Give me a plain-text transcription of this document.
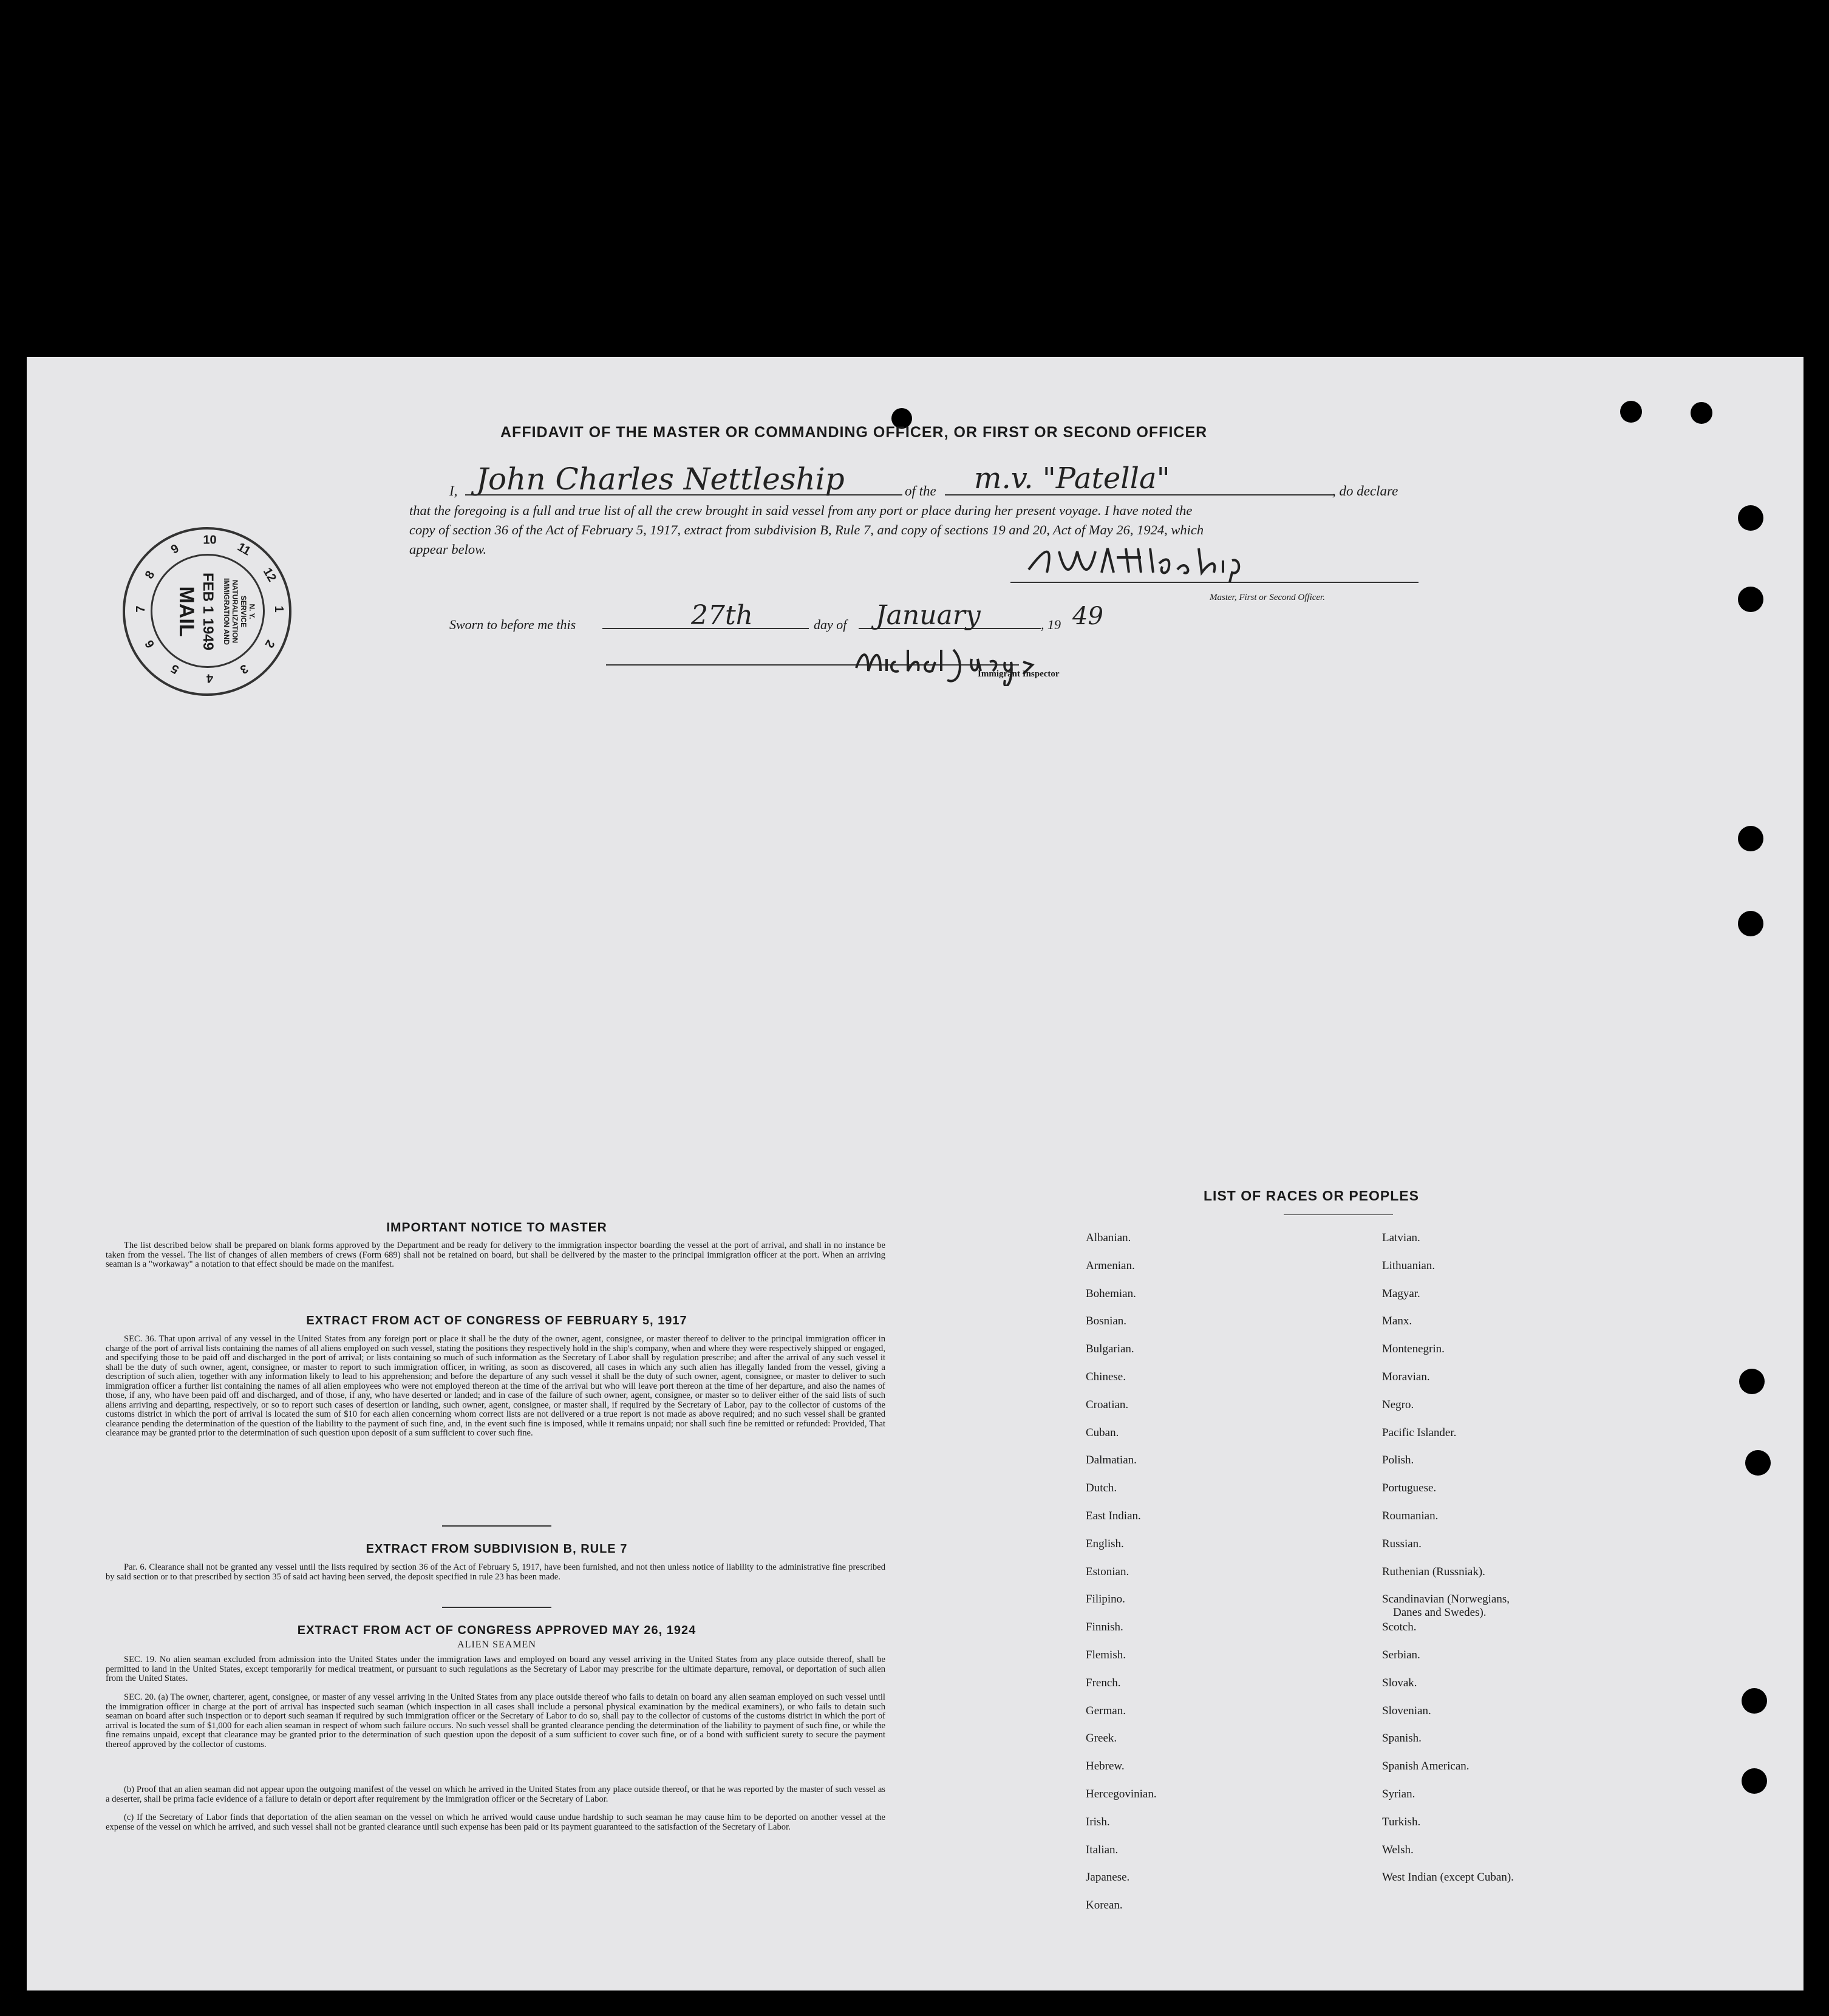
AFFIDAVIT OF THE MASTER OR COMMANDING OFFICER, OR FIRST OR SECOND OFFICER
I, John Charles Nettleship	of the m.v. "Patella"	, do declare
that the foregoing is a full and true list of all the crew brought in said vessel from any port or place during her present voyage. I have noted the
copy of section 36 of the Act of February 5, 1917, extract from subdivision B, Rule 7, and copy of sections 19 and 20, Act of May 26, 1924, which
appear below.
Master, First or Second Officer.
Sworn to before me this	27th	day of January	, 19 49
Immigrant Inspector
MAIL FEB 1 1949 IMMIGRATION AND NATURALIZATION SERVICE N. Y. 1
2
3
4
5
6
7
8
9
10
11
12
IMPORTANT NOTICE TO MASTER
The list described below shall be prepared on blank forms approved by the Department and be ready for delivery to the immigration inspector boarding the vessel at the port of arrival, and shall in no instance be taken from the vessel. The list of changes of alien members of crews (Form 689) shall not be retained on board, but shall be delivered by the master to the principal immigration officer at the port. When an arriving seaman is a "workaway" a notation to that effect should be made on the manifest.
EXTRACT FROM ACT OF CONGRESS OF FEBRUARY 5, 1917
SEC. 36. That upon arrival of any vessel in the United States from any foreign port or place it shall be the duty of the owner, agent, consignee, or master thereof to deliver to the principal immigration officer in charge of the port of arrival lists containing the names of all aliens employed on such vessel, stating the positions they respectively hold in the ship's company, when and where they were respectively shipped or engaged, and specifying those to be paid off and discharged in the port of arrival; or lists containing so much of such information as the Secretary of Labor shall by regulation prescribe; and after the arrival of any such vessel it shall be the duty of such owner, agent, consignee, or master to report to such immigration officer, in writing, as soon as discovered, all cases in which any such alien has illegally landed from the vessel, giving a description of such alien, together with any information likely to lead to his apprehension; and before the departure of any such vessel it shall be the duty of such owner, agent, consignee, or master to deliver to such immigration officer a further list containing the names of all alien employees who were not employed thereon at the time of the arrival but who will leave port thereon at the time of her departure, and also the names of those, if any, who have been paid off and discharged, and of those, if any, who have deserted or landed; and in case of the failure of such owner, agent, consignee, or master so to deliver either of the said lists of such aliens arriving and departing, respectively, or so to report such cases of desertion or landing, such owner, agent, consignee, or master shall, if required by the Secretary of Labor, pay to the collector of customs of the customs district in which the port of arrival is located the sum of $10 for each alien concerning whom correct lists are not delivered or a true report is not made as above required; and no such vessel shall be granted clearance pending the determination of the question of the liability to the payment of such fine, and, in the event such fine is imposed, while it remains unpaid; nor shall such fine be remitted or refunded: Provided, That clearance may be granted prior to the determination of such question upon deposit of a sum sufficient to cover such fine.
EXTRACT FROM SUBDIVISION B, RULE 7
Par. 6. Clearance shall not be granted any vessel until the lists required by section 36 of the Act of February 5, 1917, have been furnished, and not then unless notice of liability to the administrative fine prescribed by said section or to that prescribed by section 35 of said act having been served, the deposit specified in rule 23 has been made.
EXTRACT FROM ACT OF CONGRESS APPROVED MAY 26, 1924
ALIEN SEAMEN
SEC. 19. No alien seaman excluded from admission into the United States under the immigration laws and employed on board any vessel arriving in the United States from any place outside thereof, shall be permitted to land in the United States, except temporarily for medical treatment, or pursuant to such regulations as the Secretary of Labor may prescribe for the ultimate departure, removal, or deportation of such alien from the United States.
SEC. 20. (a) The owner, charterer, agent, consignee, or master of any vessel arriving in the United States from any place outside thereof who fails to detain on board any alien seaman employed on such vessel until the immigration officer in charge at the port of arrival has inspected such seaman (which inspection in all cases shall include a personal physical examination by the medical examiners), or who fails to detain such seaman on board after such inspection or to deport such seaman if required by such immigration officer or the Secretary of Labor to do so, shall pay to the collector of customs of the customs district in which the port of arrival is located the sum of $1,000 for each alien seaman in respect of whom such failure occurs. No such vessel shall be granted clearance pending the determination of the liability to payment of such fine, or while the fine remains unpaid, except that clearance may be granted prior to the determination of such question upon the deposit of a sum sufficient to cover such fine, or of a bond with sufficient surety to secure the payment thereof approved by the collector of customs.
(b) Proof that an alien seaman did not appear upon the outgoing manifest of the vessel on which he arrived in the United States from any place outside thereof, or that he was reported by the master of such vessel as a deserter, shall be prima facie evidence of a failure to detain or deport after requirement by the immigration officer or the Secretary of Labor.
(c) If the Secretary of Labor finds that deportation of the alien seaman on the vessel on which he arrived would cause undue hardship to such seaman he may cause him to be deported on another vessel at the expense of the vessel on which he arrived, and such vessel shall not be granted clearance until such expense has been paid or its payment guaranteed to the satisfaction of the Secretary of Labor.
LIST OF RACES OR PEOPLES
Albanian.
Armenian.
Bohemian.
Bosnian.
Bulgarian.
Chinese.
Croatian.
Cuban.
Dalmatian.
Dutch.
East Indian.
English.
Estonian.
Filipino.
Finnish.
Flemish.
French.
German.
Greek.
Hebrew.
Hercegovinian.
Irish.
Italian.
Japanese.
Korean.
Latvian.
Lithuanian.
Magyar.
Manx.
Montenegrin.
Moravian.
Negro.
Pacific Islander.
Polish.
Portuguese.
Roumanian.
Russian.
Ruthenian (Russniak).
Scandinavian (Norwegians,
Danes and Swedes).
Scotch.
Serbian.
Slovak.
Slovenian.
Spanish.
Spanish American.
Syrian.
Turkish.
Welsh.
West Indian (except Cuban).
